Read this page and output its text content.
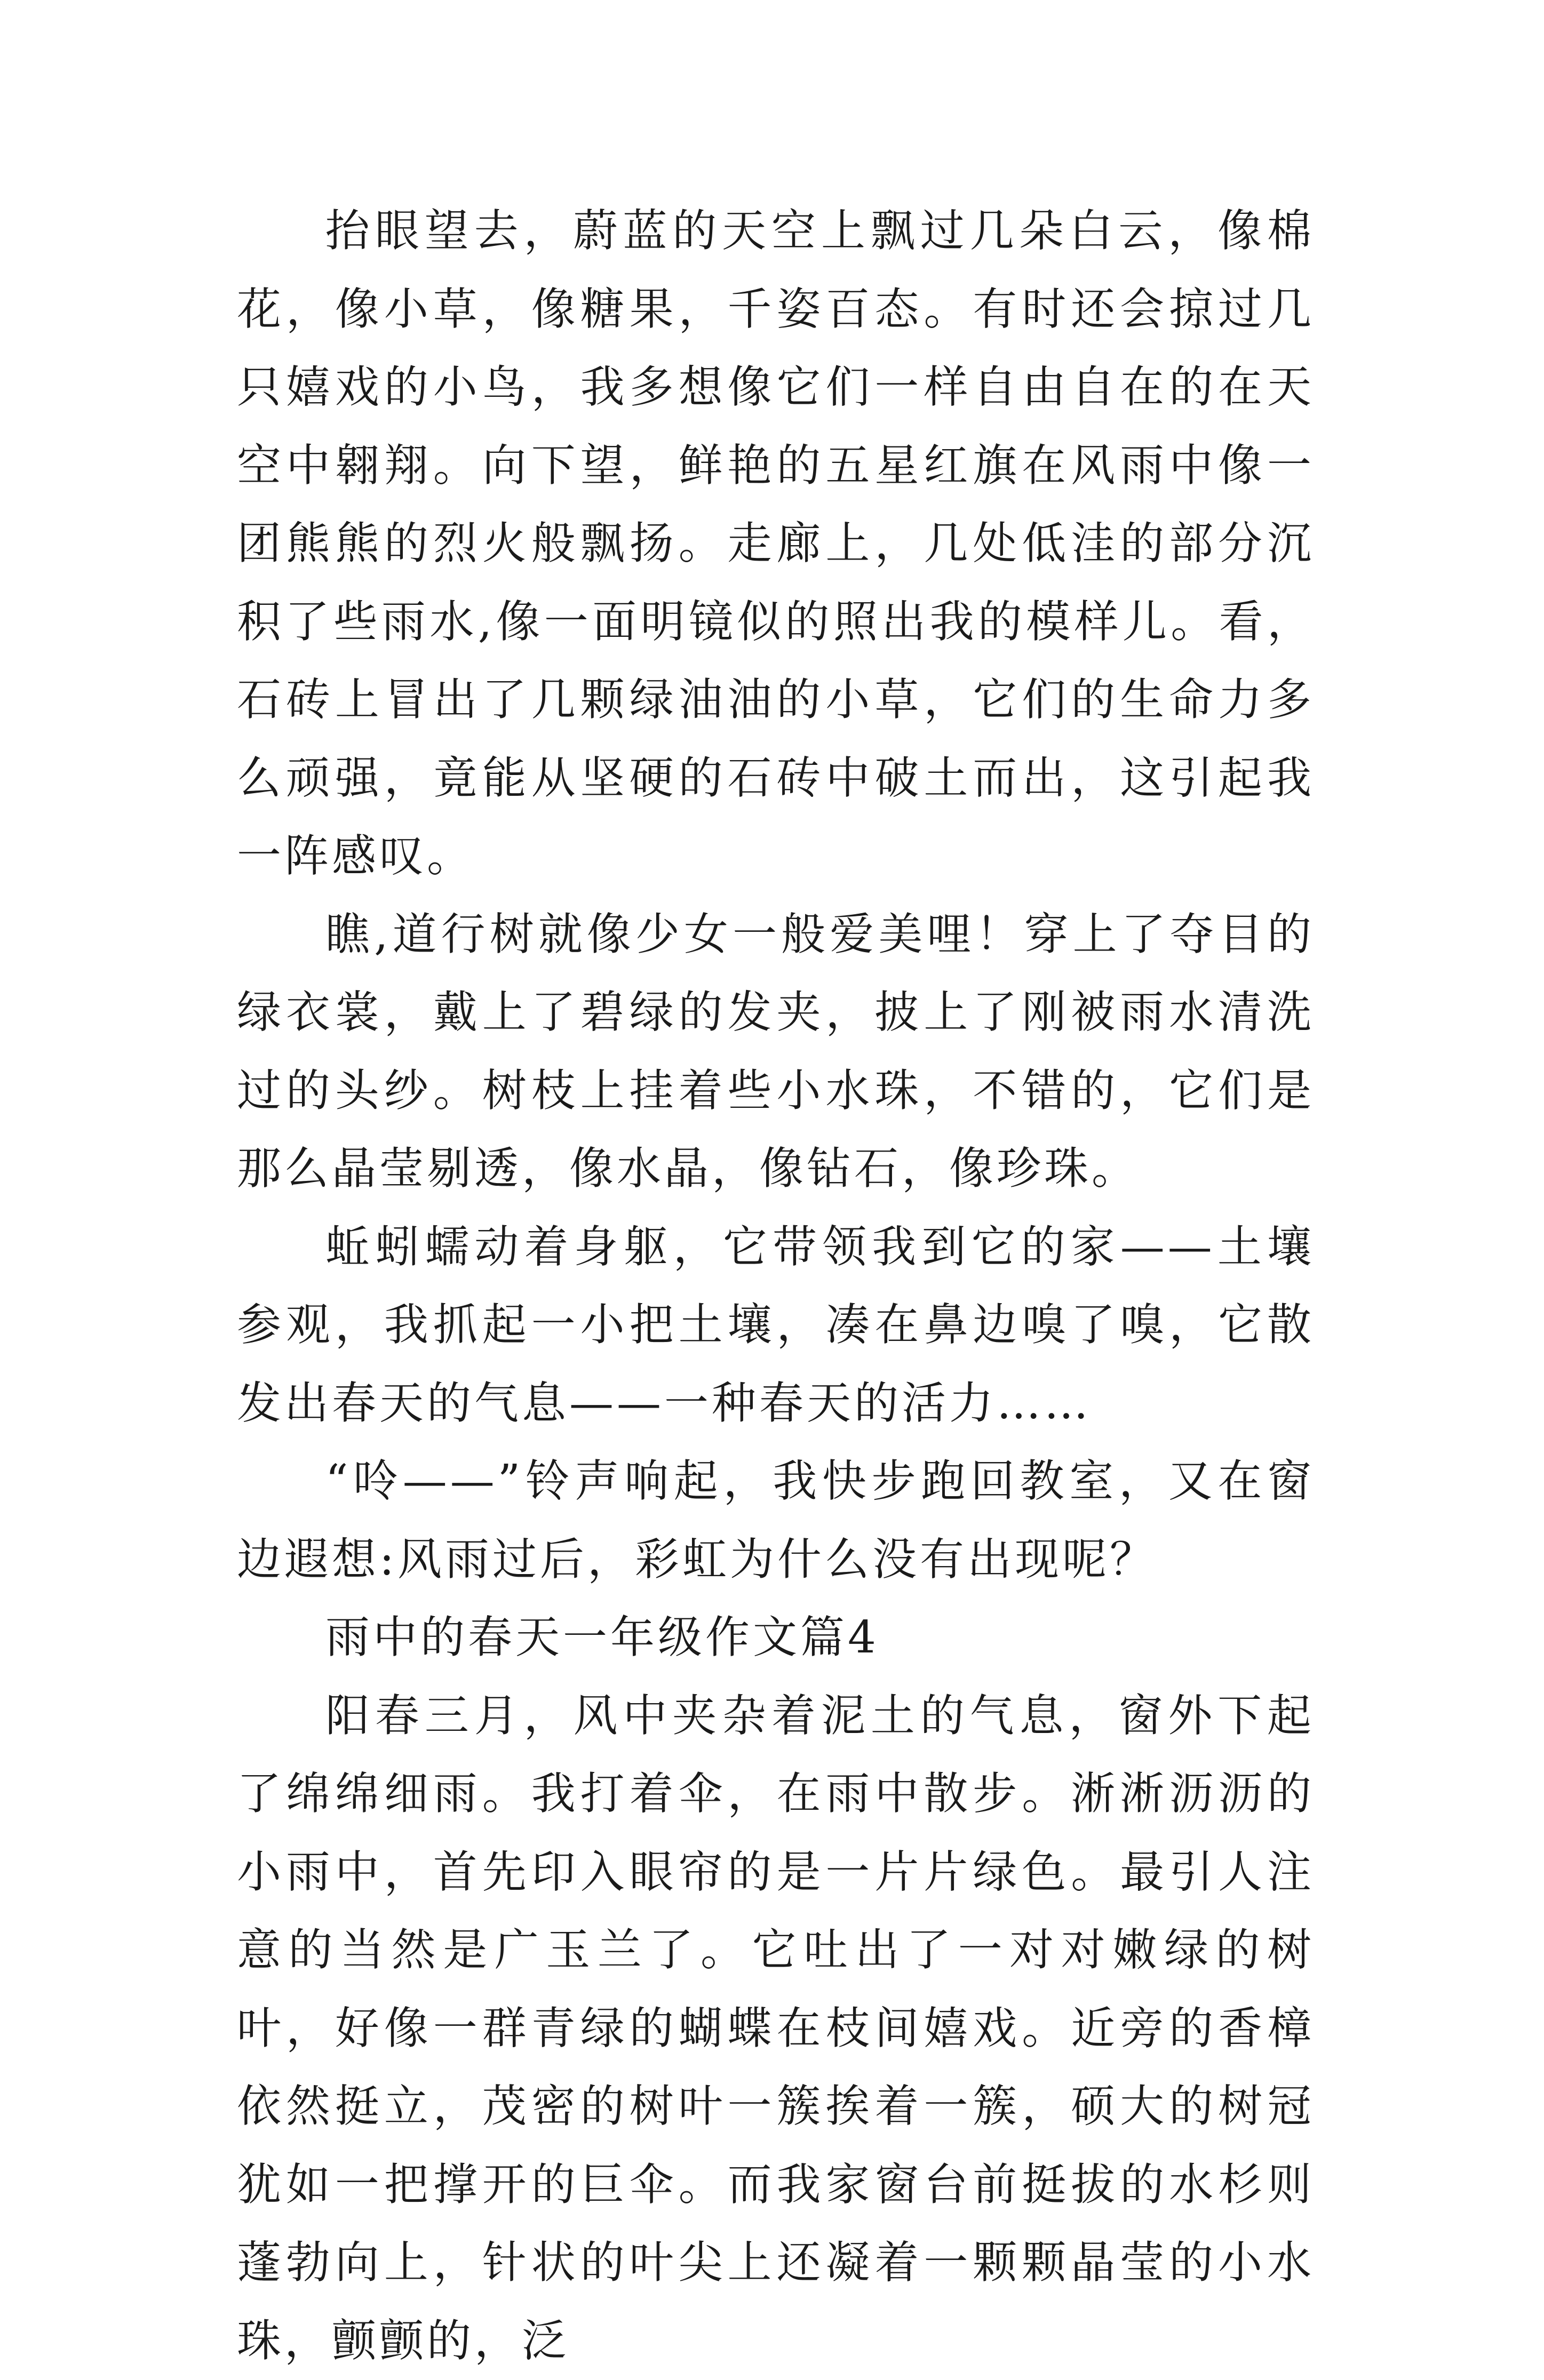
抬眼望去，蔚蓝的天空上飘过几朵白云，像棉花，像小草，像糖果，千姿百态。有时还会掠过几只嬉戏的小鸟，我多想像它们一样自由自在的在天空中翱翔。向下望，鲜艳的五星红旗在风雨中像一团熊熊的烈火般飘扬。走廊上，几处低洼的部分沉积了些雨水,像一面明镜似的照出我的模样儿。看，石砖上冒出了几颗绿油油的小草，它们的生命力多么顽强，竟能从坚硬的石砖中破土而出，这引起我一阵感叹。

瞧,道行树就像少女一般爱美哩！穿上了夺目的绿衣裳，戴上了碧绿的发夹，披上了刚被雨水清洗过的头纱。树枝上挂着些小水珠，不错的，它们是那么晶莹剔透，像水晶，像钻石，像珍珠。

蚯蚓蠕动着身躯，它带领我到它的家——土壤参观，我抓起一小把土壤，凑在鼻边嗅了嗅，它散发出春天的气息——一种春天的活力……

“呤——”铃声响起，我快步跑回教室，又在窗边遐想:风雨过后，彩虹为什么没有出现呢？

雨中的春天一年级作文篇4

阳春三月，风中夹杂着泥土的气息，窗外下起了绵绵细雨。我打着伞，在雨中散步。淅淅沥沥的小雨中，首先印入眼帘的是一片片绿色。最引人注意的当然是广玉兰了。它吐出了一对对嫩绿的树叶，好像一群青绿的蝴蝶在枝间嬉戏。近旁的香樟依然挺立，茂密的树叶一簇挨着一簇，硕大的树冠犹如一把撑开的巨伞。而我家窗台前挺拔的水杉则蓬勃向上，针状的叶尖上还凝着一颗颗晶莹的小水珠，颤颤的，泛
